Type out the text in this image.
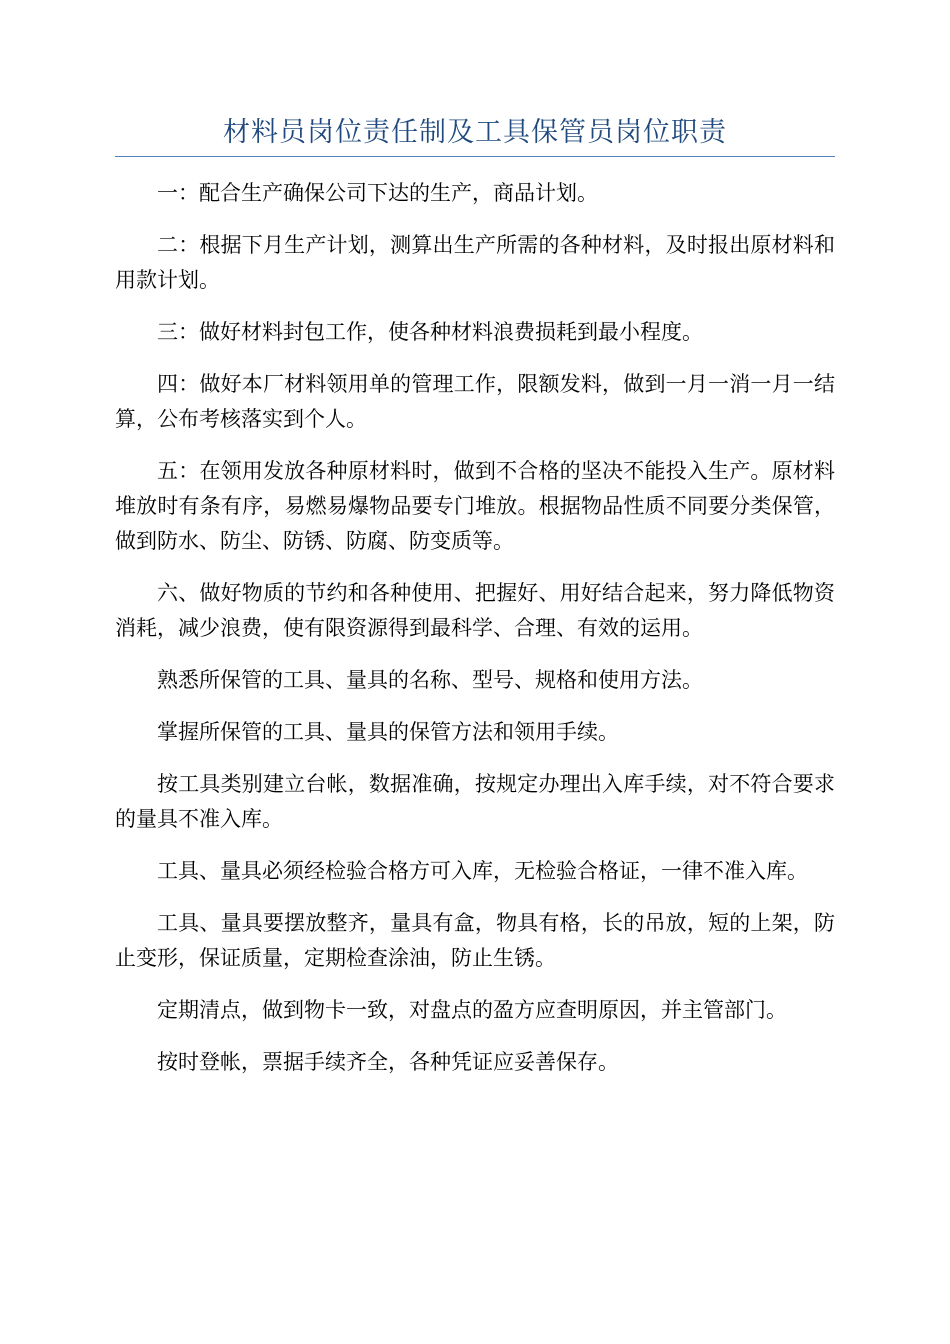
材料员岗位责任制及工具保管员岗位职责

一：配合生产确保公司下达的生产，商品计划。

二：根据下月生产计划，测算出生产所需的各种材料，及时报出原材料和用款计划。

三：做好材料封包工作，使各种材料浪费损耗到最小程度。

四：做好本厂材料领用单的管理工作，限额发料，做到一月一消一月一结算，公布考核落实到个人。

五：在领用发放各种原材料时，做到不合格的坚决不能投入生产。原材料堆放时有条有序，易燃易爆物品要专门堆放。根据物品性质不同要分类保管，做到防水、防尘、防锈、防腐、防变质等。

六、做好物质的节约和各种使用、把握好、用好结合起来，努力降低物资消耗，减少浪费，使有限资源得到最科学、合理、有效的运用。

熟悉所保管的工具、量具的名称、型号、规格和使用方法。

掌握所保管的工具、量具的保管方法和领用手续。

按工具类别建立台帐，数据准确，按规定办理出入库手续，对不符合要求的量具不准入库。

工具、量具必须经检验合格方可入库，无检验合格证，一律不准入库。

工具、量具要摆放整齐，量具有盒，物具有格，长的吊放，短的上架，防止变形，保证质量，定期检查涂油，防止生锈。

定期清点，做到物卡一致，对盘点的盈方应查明原因，并主管部门。

按时登帐，票据手续齐全，各种凭证应妥善保存。
